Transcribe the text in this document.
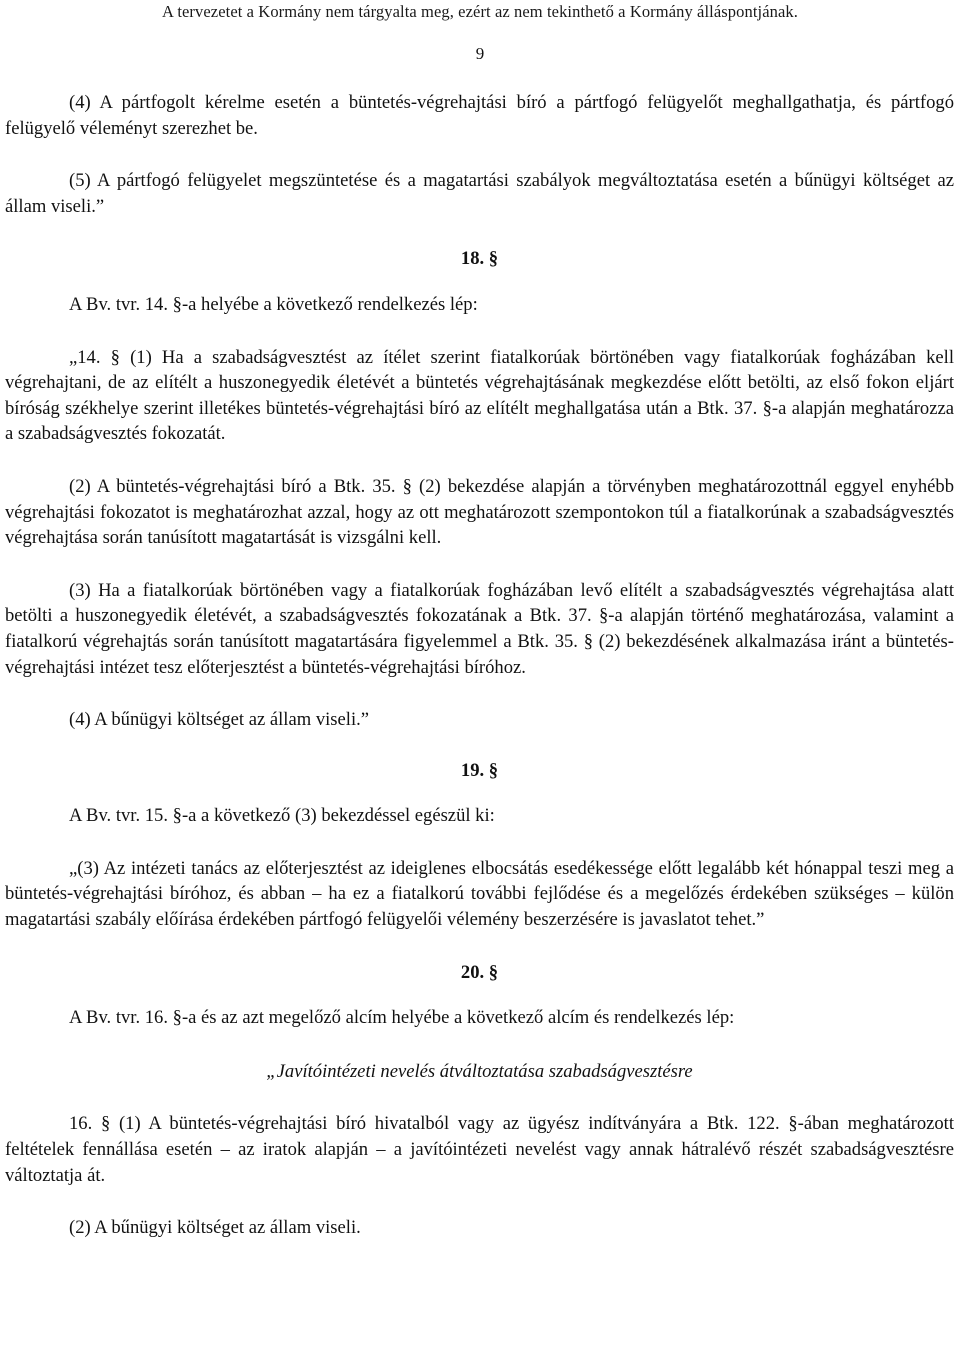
A tervezetet a Kormány nem tárgyalta meg, ezért az nem tekinthető a Kormány álláspontjának.
9

(4) A pártfogolt kérelme esetén a büntetés-végrehajtási bíró a pártfogó felügyelőt meghallgathatja, és pártfogó felügyelő véleményt szerezhet be.

(5) A pártfogó felügyelet megszüntetése és a magatartási szabályok megváltoztatása esetén a bűnügyi költséget az állam viseli.”

18. §

A Bv. tvr. 14. §-a helyébe a következő rendelkezés lép:

„14. § (1) Ha a szabadságvesztést az ítélet szerint fiatalkorúak börtönében vagy fiatalkorúak fogházában kell végrehajtani, de az elítélt a huszonegyedik életévét a büntetés végrehajtásának megkezdése előtt betölti, az első fokon eljárt bíróság székhelye szerint illetékes büntetés-végrehajtási bíró az elítélt meghallgatása után a Btk. 37. §-a alapján meghatározza a szabadságvesztés fokozatát.

(2) A büntetés-végrehajtási bíró a Btk. 35. § (2) bekezdése alapján a törvényben meghatározottnál eggyel enyhébb végrehajtási fokozatot is meghatározhat azzal, hogy az ott meghatározott szempontokon túl a fiatalkorúnak a szabadságvesztés végrehajtása során tanúsított magatartását is vizsgálni kell.

(3) Ha a fiatalkorúak börtönében vagy a fiatalkorúak fogházában levő elítélt a szabadságvesztés végrehajtása alatt betölti a huszonegyedik életévét, a szabadságvesztés fokozatának a Btk. 37. §-a alapján történő meghatározása, valamint a fiatalkorú végrehajtás során tanúsított magatartására figyelemmel a Btk. 35. § (2) bekezdésének alkalmazása iránt a büntetés-végrehajtási intézet tesz előterjesztést a büntetés-végrehajtási bíróhoz.

(4) A bűnügyi költséget az állam viseli.”

19. §

A Bv. tvr. 15. §-a a következő (3) bekezdéssel egészül ki:

„(3) Az intézeti tanács az előterjesztést az ideiglenes elbocsátás esedékessége előtt legalább két hónappal teszi meg a büntetés-végrehajtási bíróhoz, és abban – ha ez a fiatalkorú további fejlődése és a megelőzés érdekében szükséges – külön magatartási szabály előírása érdekében pártfogó felügyelői vélemény beszerzésére is javaslatot tehet.”

20. §

A Bv. tvr. 16. §-a és az azt megelőző alcím helyébe a következő alcím és rendelkezés lép:

„Javítóintézeti nevelés átváltoztatása szabadságvesztésre

16. § (1) A büntetés-végrehajtási bíró hivatalból vagy az ügyész indítványára a Btk. 122. §-ában meghatározott feltételek fennállása esetén – az iratok alapján – a javítóintézeti nevelést vagy annak hátralévő részét szabadságvesztésre változtatja át.

(2) A bűnügyi költséget az állam viseli.
